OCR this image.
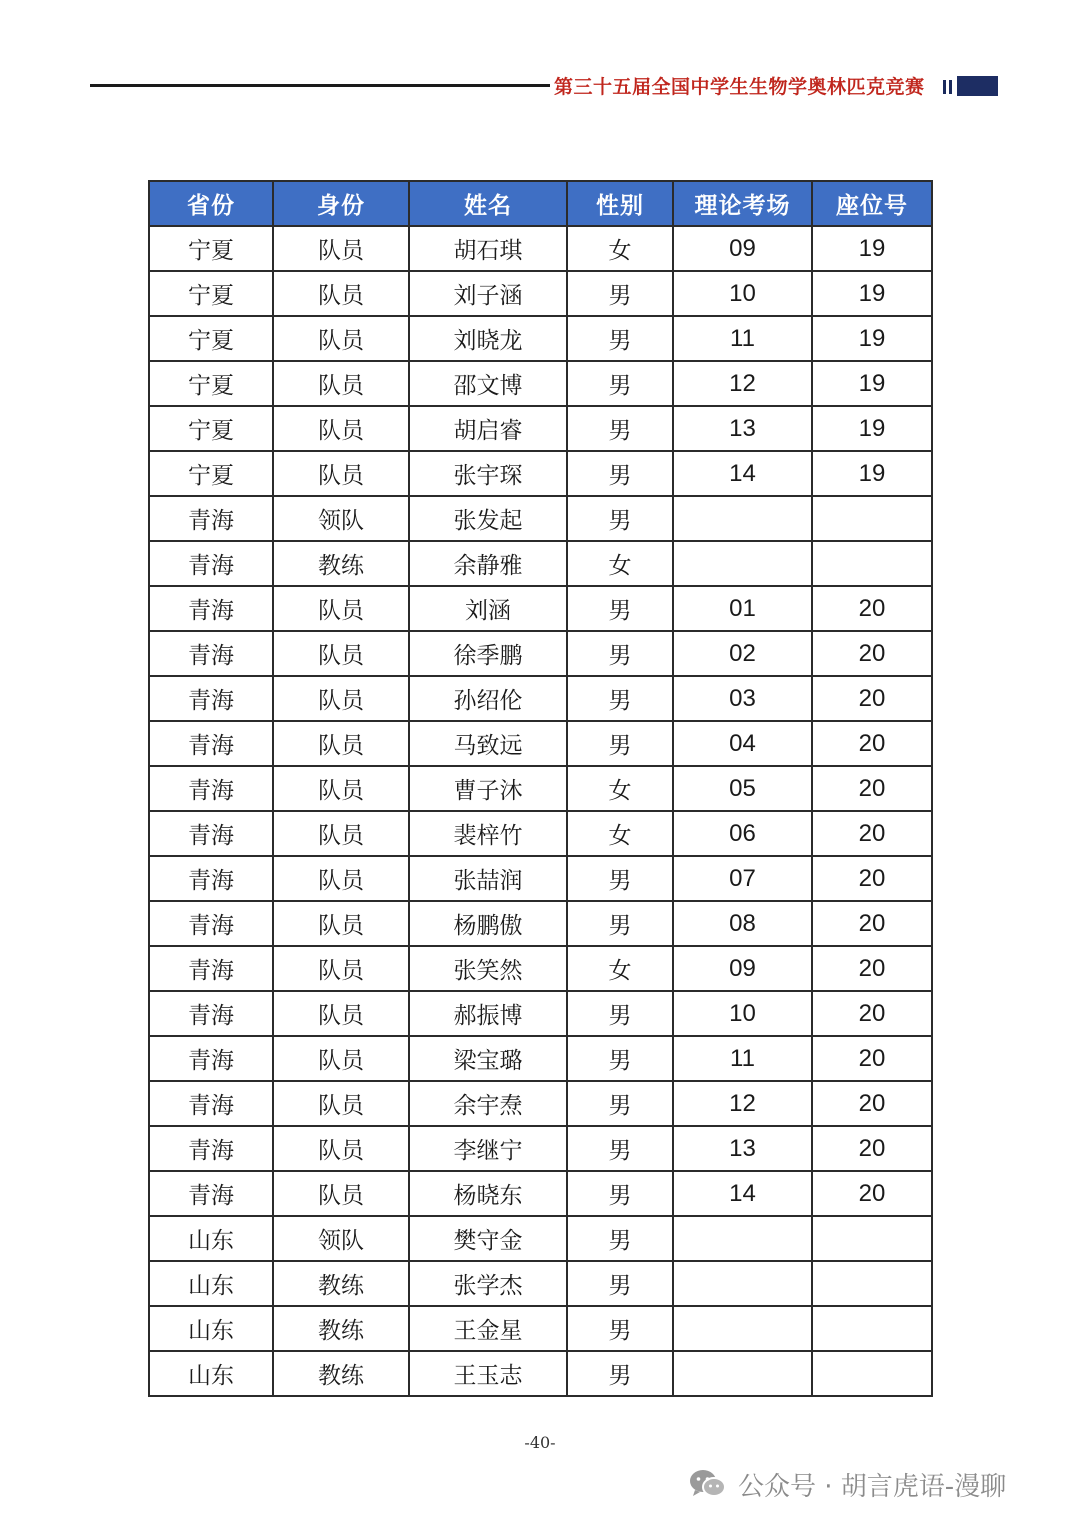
第三十五届全国中学生生物学奥林匹克竞赛
省份	身份	姓名	性别	理论考场	座位号
宁夏	队员	胡石琪	女	09	19
宁夏	队员	刘子涵	男	10	19
宁夏	队员	刘晓龙	男	11	19
宁夏	队员	邵文博	男	12	19
宁夏	队员	胡启睿	男	13	19
宁夏	队员	张宇琛	男	14	19
青海	领队	张发起	男		
青海	教练	余静雅	女		
青海	队员	刘涵	男	01	20
青海	队员	徐季鹏	男	02	20
青海	队员	孙绍伦	男	03	20
青海	队员	马致远	男	04	20
青海	队员	曹子沐	女	05	20
青海	队员	裴梓竹	女	06	20
青海	队员	张喆润	男	07	20
青海	队员	杨鹏傲	男	08	20
青海	队员	张笑然	女	09	20
青海	队员	郝振博	男	10	20
青海	队员	梁宝璐	男	11	20
青海	队员	余宇焘	男	12	20
青海	队员	李继宁	男	13	20
青海	队员	杨晓东	男	14	20
山东	领队	樊守金	男		
山东	教练	张学杰	男		
山东	教练	王金星	男		
山东	教练	王玉志	男		
-40-
公众号 · 胡言虎语-漫聊
